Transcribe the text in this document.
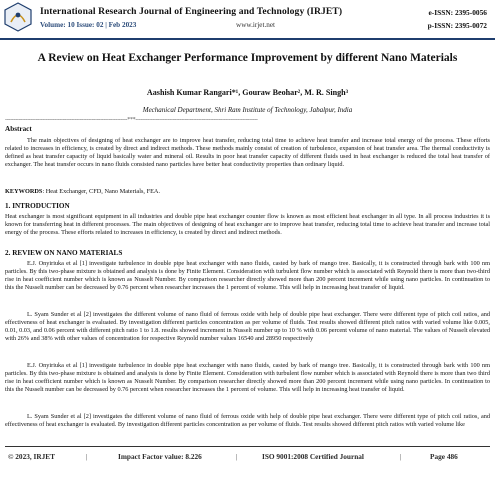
International Research Journal of Engineering and Technology (IRJET)
Volume: 10 Issue: 02 | Feb 2023	www.irjet.net
e-ISSN: 2395-0056
p-ISSN: 2395-0072
A Review on Heat Exchanger Performance Improvement by different Nano Materials
Aashish Kumar Rangari*¹, Gouraw Beohar², M. R. Singh³
Mechanical Department, Shri Ram Institute of Technology, Jabalpur, India
------------------------------------------------------------------------***------------------------------------------------------------------------
Abstract

The main objectives of designing of heat exchanger are to improve heat transfer, reducing total time to achieve heat transfer and increase total energy of the process. These efforts related to increases in efficiency, is created by direct and indirect methods. These methods mainly consist of creation of turbulence, expansion of heat transfer area. The thermal conductivity is defined as heat transfer capacity of liquid basically water and mineral oil. Results in poor heat transfer capacity of different fluids used in heat exchanger is reduced the total heat transfer of exchanger. The heat transfer occurs in nano fluids consisted nano particles have better heat conductivity properties than ordinary liquid.

KEYWORDS: Heat Exchanger, CFD, Nano Materials, FEA.
1. INTRODUCTION

Heat exchanger is most significant equipment in all industries and double pipe heat exchanger counter flow is known as most efficient heat exchanger in all type. In all process industries it is known for transferring heat in different processes. The main objectives of designing of heat exchanger are to improve heat transfer, reducing total time to achieve heat transfer and increase total energy of the process. These efforts related to increases in efficiency, is created by direct and indirect methods.

2. REVIEW ON NANO MATERIALS

E.J. Onyiriuka et al [1] investigate turbulence in double pipe heat exchanger with nano fluids, casted by bark of mango tree. Basically, it is constructed through bark with 100 nm particles. By this two-phase mixture is obtained and analysis is done by Finite Element. Consideration with turbulent flow number which is associated with Reynold there is more than two-third rise in heat coefficient number which is known as Nusselt Number. By comparison researcher directly showed more than 200 percent increment while using nano particles. In continuation to this the Nusselt number can be decreased by 0.76 percent when researcher increases the 1 percent of volume. This will help in increasing heat transfer of liquid.

L. Syam Sunder et al [2] investigates the different volume of nano fluid of ferrous oxide with help of double pipe heat exchanger. There were different type of pitch coil ratios, and effectiveness of heat exchanger is evaluated. By investigation different particles concentration as per volume of fluids. Test results showed different pitch ratios with varied volume like 0.005, 0.01, 0.03, and 0.06 percent with different pitch ratio 1 to 1.8. results showed increment in Nusselt number up to 10 % with 0.06 percent volume of nano material. The values of Nusselt elevated with 26% and 38% with other values of concentration for respective Reynold number values 16540 and 28950 respectively

E.J. Onyiriuka et al [1] investigate turbulence in double pipe heat exchanger with nano fluids, casted by bark of mango tree. Basically, it is constructed through bark with 100 nm particles. By this two-phase mixture is obtained and analysis is done by Finite Element. Consideration with turbulent flow number which is associated with Reynold there is more than two third rise in heat coefficient number which is known as Nusselt Number. By comparison researcher directly showed more than 200 percent increment while using nano particles. In continuation to this the Nusselt number can be decreased by 0.76 percent when researcher increases the 1 percent of volume. This will help in increasing heat transfer of liquid.

L. Syam Sunder et al [2] investigates the different volume of nano fluid of ferrous oxide with help of double pipe heat exchanger. There were different type of pitch coil ratios, and effectiveness of heat exchanger is evaluated. By investigation different particles concentration as per volume of fluids. Test results showed different pitch ratios with varied volume like

© 2023, IRJET	|	Impact Factor value: 8.226	|	ISO 9001:2008 Certified Journal	|	Page 486
